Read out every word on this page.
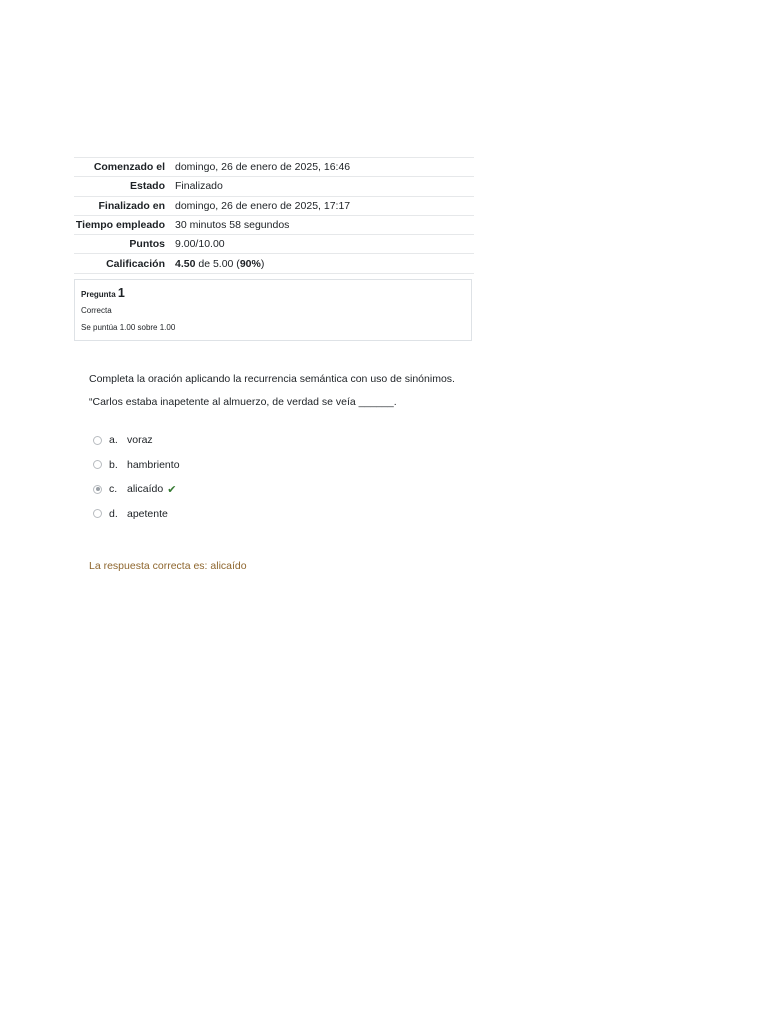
Comenzado el domingo, 26 de enero de 2025, 16:46
Estado Finalizado
Finalizado en domingo, 26 de enero de 2025, 17:17
Tiempo empleado 30 minutos 58 segundos
Puntos 9.00/10.00
Calificación 4.50 de 5.00 (90%)
Pregunta 1
Correcta
Se puntúa 1.00 sobre 1.00
Completa la oración aplicando la recurrencia semántica con uso de sinónimos.
“Carlos estaba inapetente al almuerzo, de verdad se veía ______.
a. voraz
b. hambriento
c. alicaído ✔
d. apetente
La respuesta correcta es: alicaído
